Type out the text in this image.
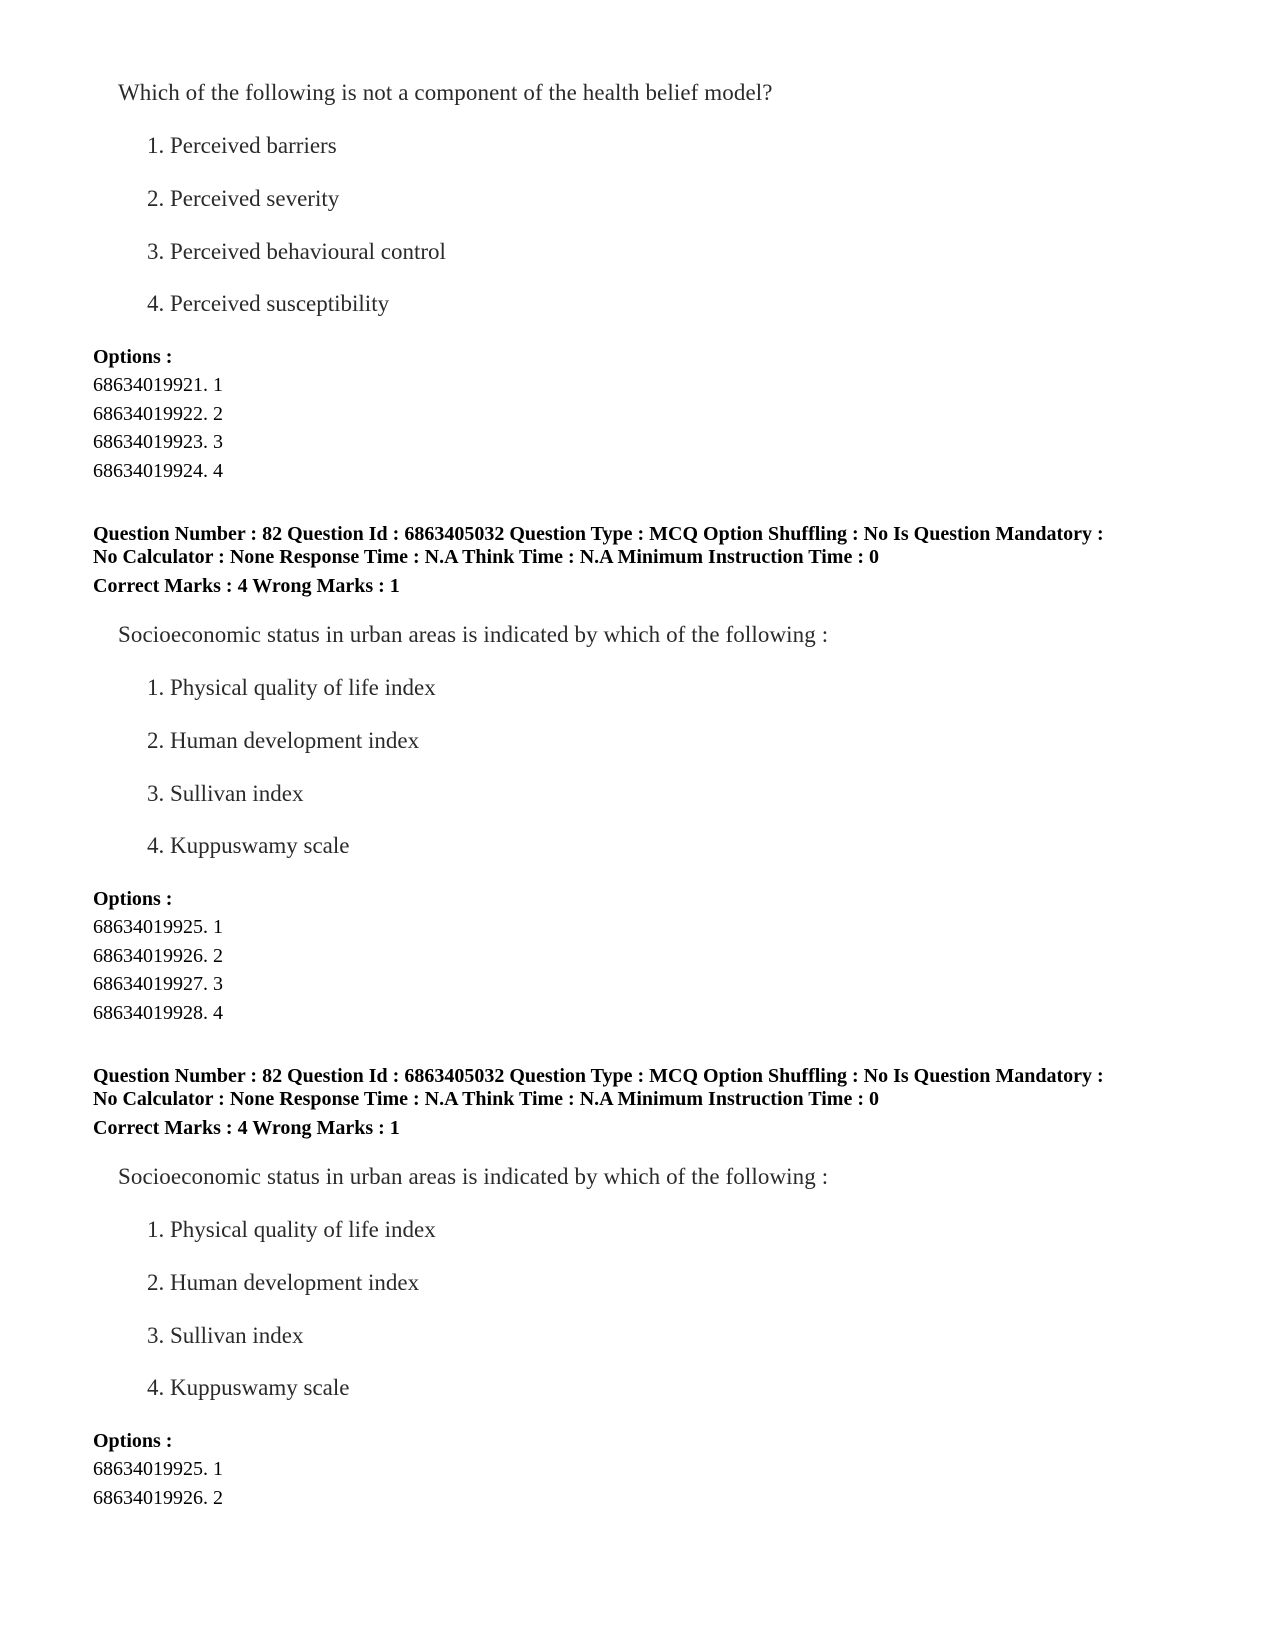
Which of the following is not a component of the health belief model?
1. Perceived barriers
2. Perceived severity
3. Perceived behavioural control
4. Perceived susceptibility
Options :
68634019921. 1
68634019922. 2
68634019923. 3
68634019924. 4
Question Number : 82 Question Id : 6863405032 Question Type : MCQ Option Shuffling : No Is Question Mandatory :
No Calculator : None Response Time : N.A Think Time : N.A Minimum Instruction Time : 0
Correct Marks : 4 Wrong Marks : 1
Socioeconomic status in urban areas is indicated by which of the following :
1. Physical quality of life index
2. Human development index
3. Sullivan index
4. Kuppuswamy scale
Options :
68634019925. 1
68634019926. 2
68634019927. 3
68634019928. 4
Question Number : 82 Question Id : 6863405032 Question Type : MCQ Option Shuffling : No Is Question Mandatory :
No Calculator : None Response Time : N.A Think Time : N.A Minimum Instruction Time : 0
Correct Marks : 4 Wrong Marks : 1
Socioeconomic status in urban areas is indicated by which of the following :
1. Physical quality of life index
2. Human development index
3. Sullivan index
4. Kuppuswamy scale
Options :
68634019925. 1
68634019926. 2
